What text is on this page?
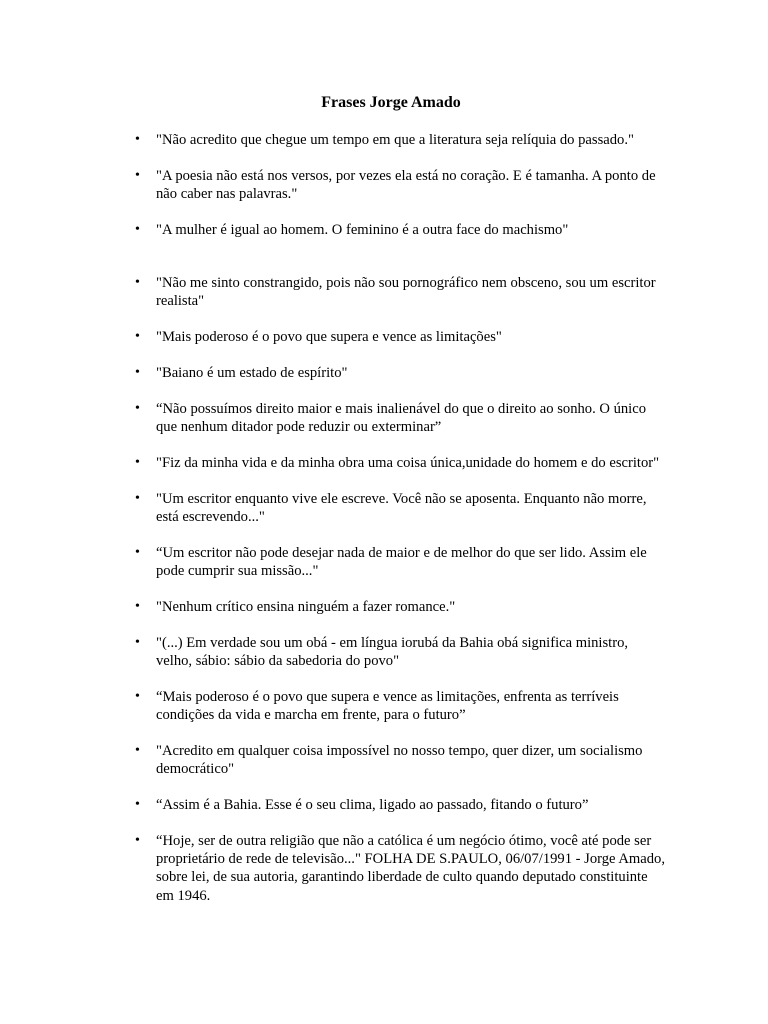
Frases Jorge Amado
•
"Não acredito que chegue um tempo em que a literatura seja relíquia do passado."
•
"A poesia não está nos versos, por vezes ela está no coração. E é tamanha. A ponto de não caber nas palavras."
•
"A mulher é igual ao homem. O feminino é a outra face do machismo"
•
"Não me sinto constrangido, pois não sou pornográfico nem obsceno, sou um escritor realista"
•
"Mais poderoso é o povo que supera e vence as limitações"
•
"Baiano é um estado de espírito"
•
“Não possuímos direito maior e mais inalienável do que o direito ao sonho. O único que nenhum ditador pode reduzir ou exterminar”
•
"Fiz da minha vida e da minha obra uma coisa única,unidade do homem e do escritor"
•
"Um escritor enquanto vive ele escreve. Você não se aposenta. Enquanto não morre, está escrevendo..."
•
“Um escritor não pode desejar nada de maior e de melhor do que ser lido. Assim ele pode cumprir sua missão..."
•
"Nenhum crítico ensina ninguém a fazer romance."
•
"(...) Em verdade sou um obá - em língua iorubá da Bahia obá significa ministro, velho, sábio: sábio da sabedoria do povo"
•
“Mais poderoso é o povo que supera e vence as limitações, enfrenta as terríveis condições da vida e marcha em frente, para o futuro”
•
"Acredito em qualquer coisa impossível no nosso tempo, quer dizer, um socialismo democrático"
•
“Assim é a Bahia. Esse é o seu clima, ligado ao passado, fitando o futuro”
•
“Hoje, ser de outra religião que não a católica é um negócio ótimo, você até pode ser proprietário de rede de televisão..." FOLHA DE S.PAULO, 06/07/1991 - Jorge Amado, sobre lei, de sua autoria, garantindo liberdade de culto quando deputado constituinte em 1946.
